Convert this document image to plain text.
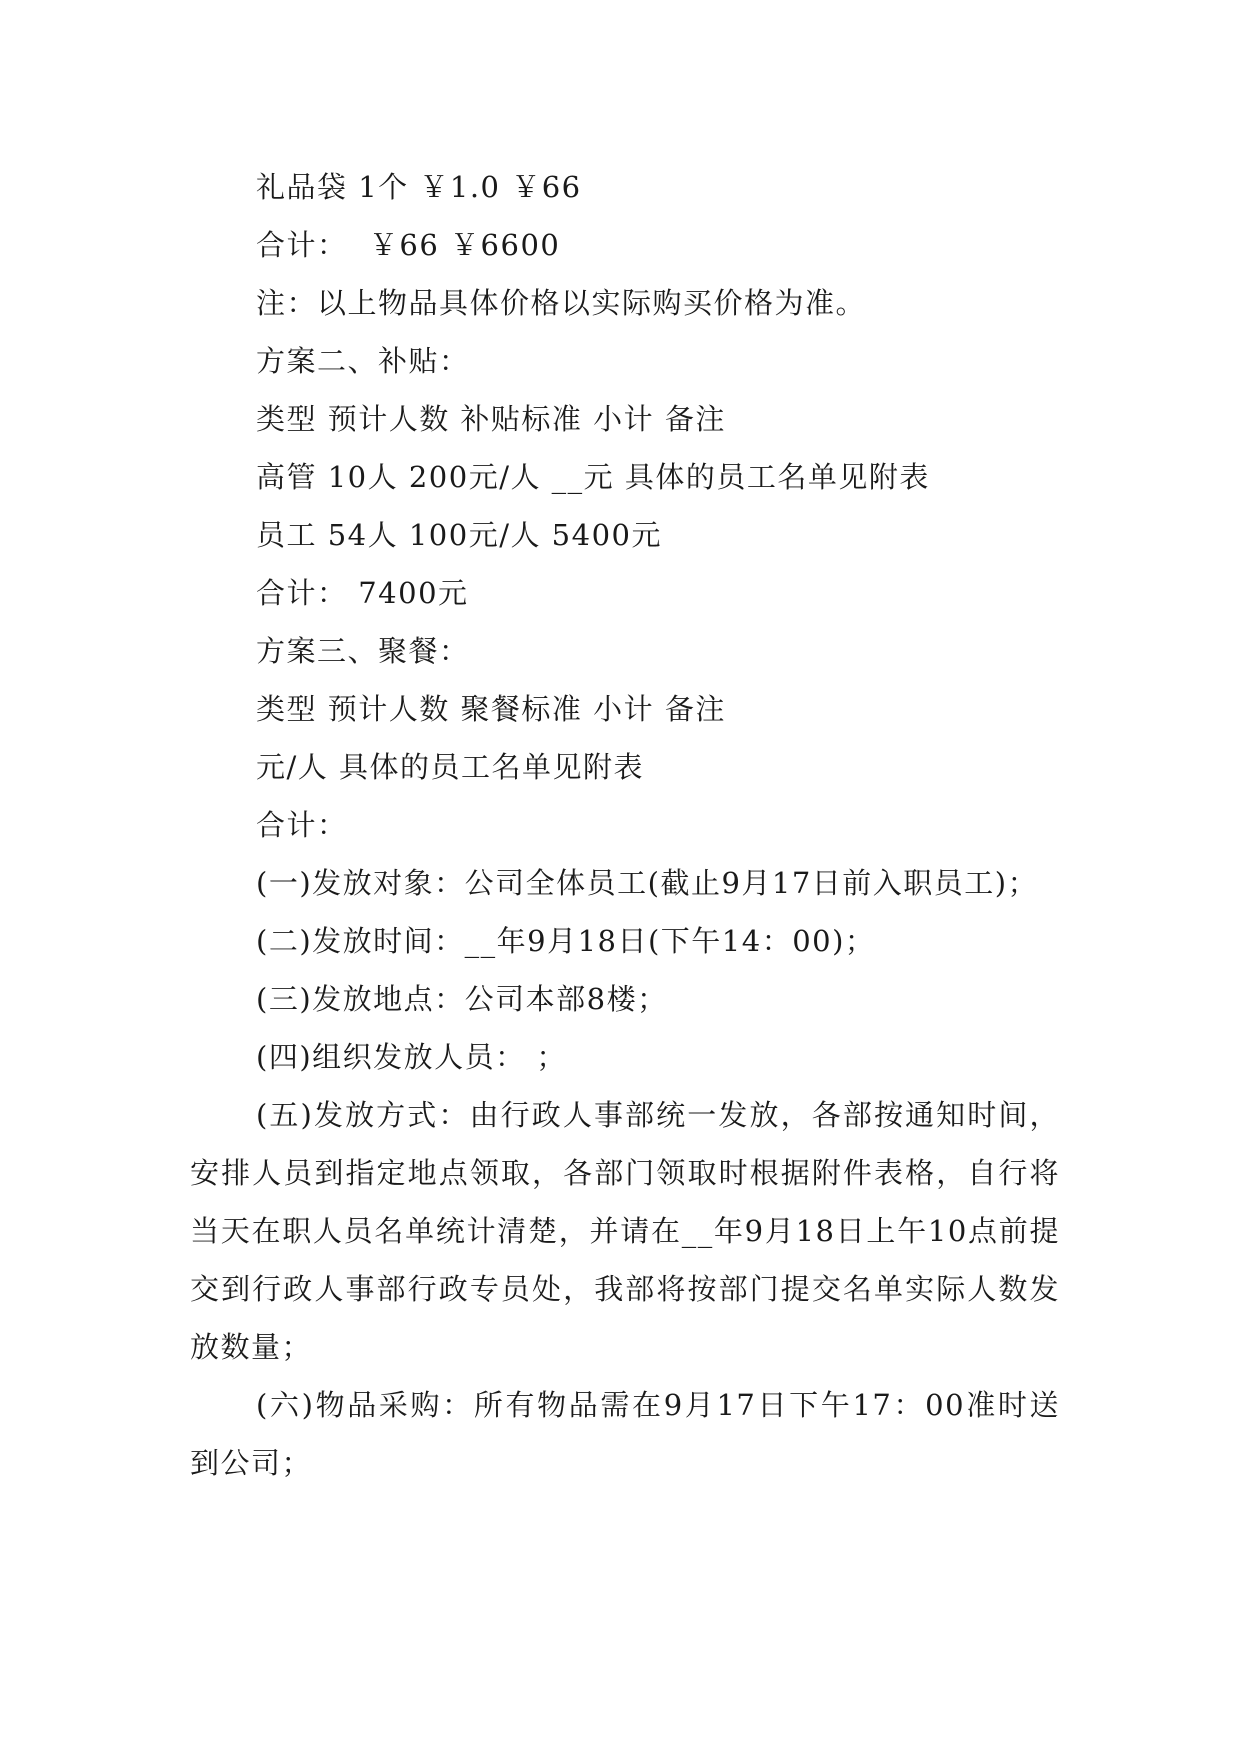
礼品袋 1个 ￥1.0 ￥66
合计：  ￥66 ￥6600
注：以上物品具体价格以实际购买价格为准。
方案二、补贴：
类型 预计人数 补贴标准 小计 备注
高管 10人 200元/人 __元 具体的员工名单见附表
员工 54人 100元/人 5400元
合计： 7400元
方案三、聚餐：
类型 预计人数 聚餐标准 小计 备注
元/人 具体的员工名单见附表
合计：

(一)发放对象：公司全体员工(截止9月17日前入职员工)；

(二)发放时间：__年9月18日(下午14：00)；

(三)发放地点：公司本部8楼；

(四)组织发放人员： ；

(五)发放方式：由行政人事部统一发放，各部按通知时间，安排人员到指定地点领取，各部门领取时根据附件表格，自行将当天在职人员名单统计清楚，并请在__年9月18日上午10点前提交到行政人事部行政专员处，我部将按部门提交名单实际人数发放数量；

(六)物品采购：所有物品需在9月17日下午17：00准时送到公司；
